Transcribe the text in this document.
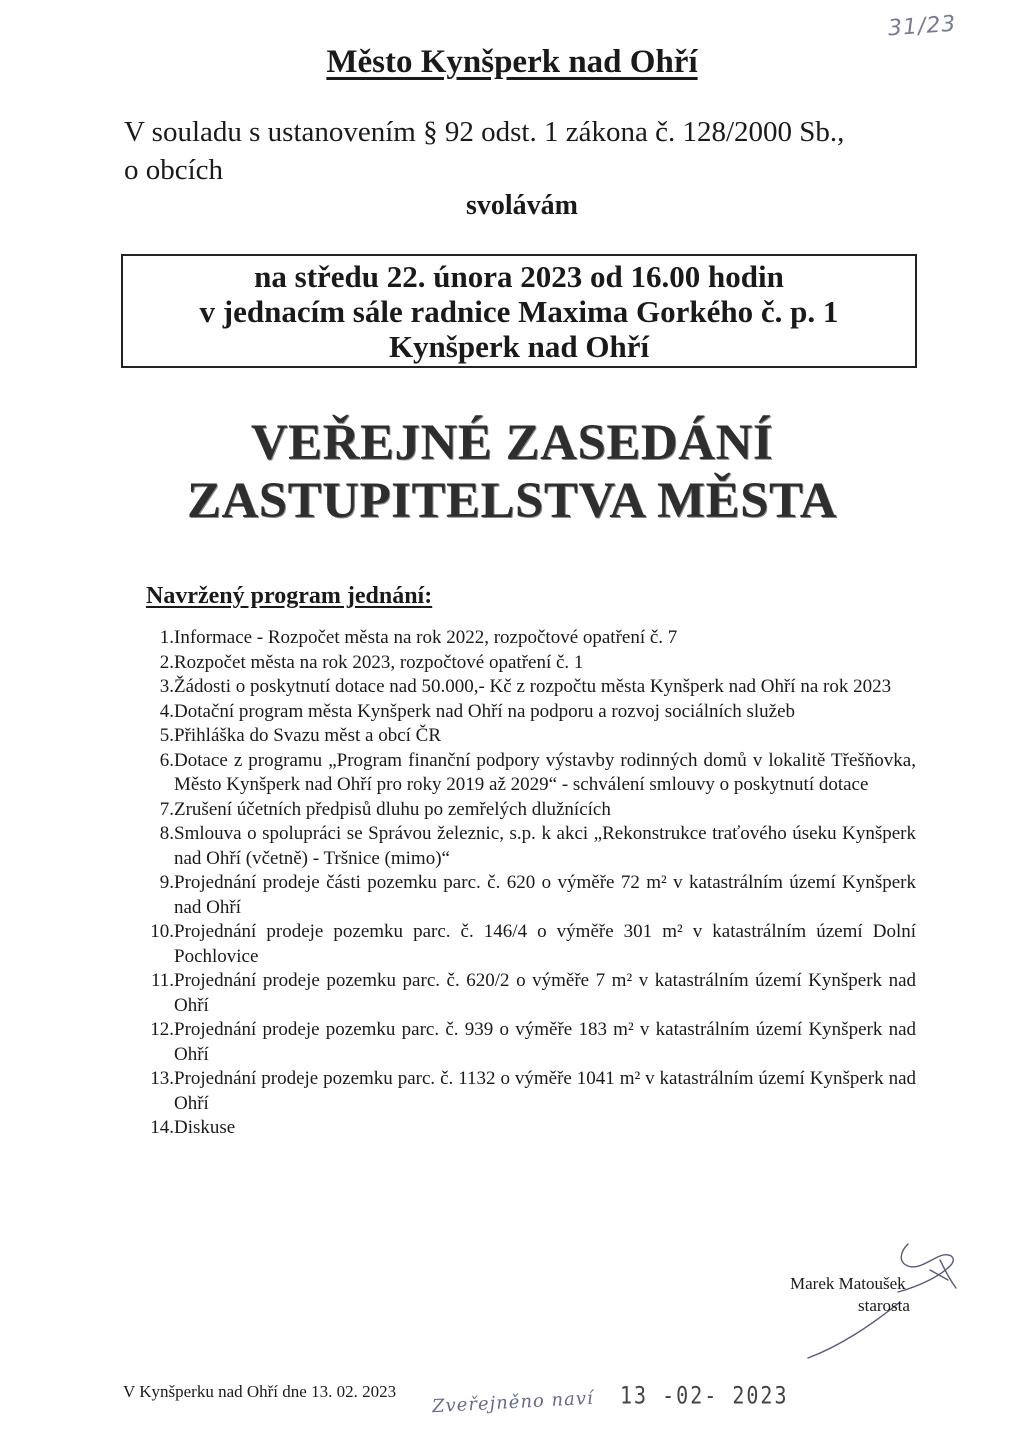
31/23
Město Kynšperk nad Ohří
V souladu s ustanovením § 92 odst. 1 zákona č. 128/2000 Sb.,
o obcích
svolávám
na středu 22. února 2023 od 16.00 hodin
v jednacím sále radnice Maxima Gorkého č. p. 1
Kynšperk nad Ohří
VEŘEJNÉ ZASEDÁNÍ
ZASTUPITELSTVA MĚSTA
Navržený program jednání:
1. Informace - Rozpočet města na rok 2022, rozpočtové opatření č. 7
2. Rozpočet města na rok 2023, rozpočtové opatření č. 1
3. Žádosti o poskytnutí dotace nad 50.000,- Kč z rozpočtu města Kynšperk nad Ohří na rok 2023
4. Dotační program města Kynšperk nad Ohří na podporu a rozvoj sociálních služeb
5. Přihláška do Svazu měst a obcí ČR
6. Dotace z programu „Program finanční podpory výstavby rodinných domů v lokalitě Třešňovka, Město Kynšperk nad Ohří pro roky 2019 až 2029“ - schválení smlouvy o poskytnutí dotace
7. Zrušení účetních předpisů dluhu po zemřelých dlužnících
8. Smlouva o spolupráci se Správou železnic, s.p. k akci „Rekonstrukce traťového úseku Kynšperk nad Ohří (včetně) - Tršnice (mimo)“
9. Projednání prodeje části pozemku parc. č. 620 o výměře 72 m² v katastrálním území Kynšperk nad Ohří
10. Projednání prodeje pozemku parc. č. 146/4 o výměře 301 m² v katastrálním území Dolní Pochlovice
11. Projednání prodeje pozemku parc. č. 620/2 o výměře 7 m² v katastrálním území Kynšperk nad Ohří
12. Projednání prodeje pozemku parc. č. 939 o výměře 183 m² v katastrálním území Kynšperk nad Ohří
13. Projednání prodeje pozemku parc. č. 1132 o výměře 1041 m² v katastrálním území Kynšperk nad Ohří
14. Diskuse
Marek Matoušek
starosta
V Kynšperku nad Ohří dne 13. 02. 2023 Zveřejněno naví 13 -02- 2023
